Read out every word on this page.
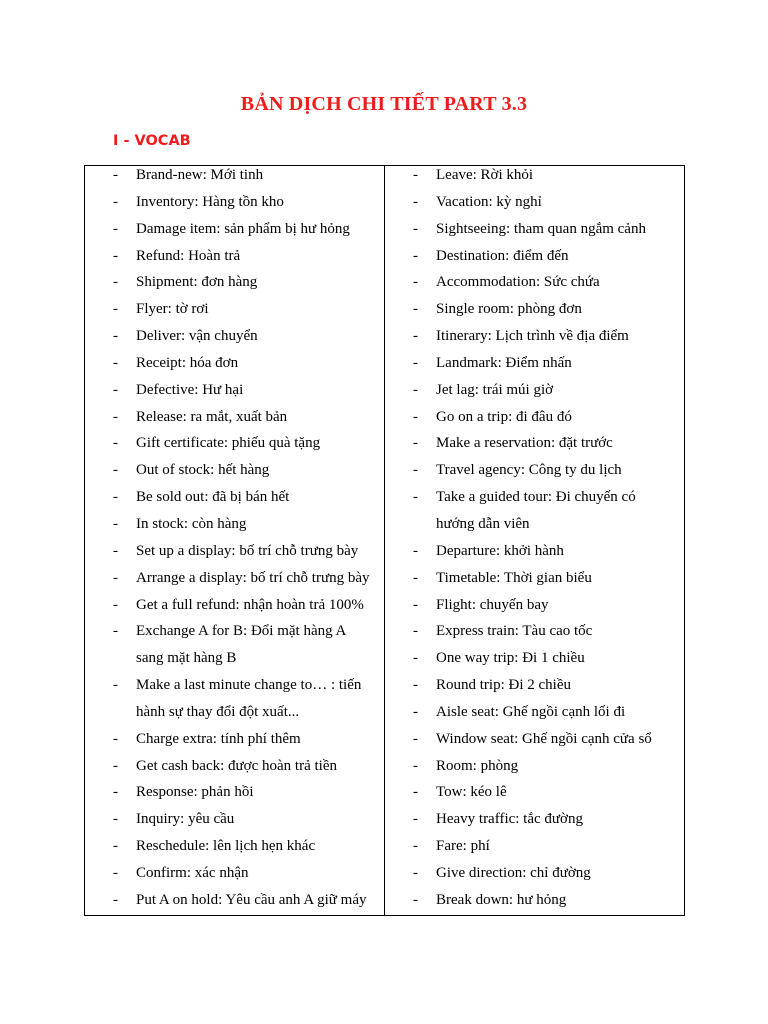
BẢN DỊCH CHI TIẾT PART 3.3
I - VOCAB
- Brand-new: Mới tinh
- Inventory: Hàng tồn kho
- Damage item: sản phẩm bị hư hỏng
- Refund: Hoàn trả
- Shipment: đơn hàng
- Flyer: tờ rơi
- Deliver: vận chuyển
- Receipt: hóa đơn
- Defective: Hư hại
- Release: ra mắt, xuất bản
- Gift certificate: phiếu quà tặng
- Out of stock: hết hàng
- Be sold out: đã bị bán hết
- In stock: còn hàng
- Set up a display: bố trí chỗ trưng bày
- Arrange a display: bố trí chỗ trưng bày
- Get a full refund: nhận hoàn trả 100%
- Exchange A for B: Đổi mặt hàng A
sang mặt hàng B
- Make a last minute change to… : tiến
hành sự thay đổi đột xuất...
- Charge extra: tính phí thêm
- Get cash back: được hoàn trả tiền
- Response: phản hồi
- Inquiry: yêu cầu
- Reschedule: lên lịch hẹn khác
- Confirm: xác nhận
- Put A on hold: Yêu cầu anh A giữ máy
- Leave: Rời khỏi
- Vacation: kỳ nghỉ
- Sightseeing: tham quan ngắm cảnh
- Destination: điểm đến
- Accommodation: Sức chứa
- Single room: phòng đơn
- Itinerary: Lịch trình về địa điểm
- Landmark: Điểm nhấn
- Jet lag: trái múi giờ
- Go on a trip: đi đâu đó
- Make a reservation: đặt trước
- Travel agency: Công ty du lịch
- Take a guided tour: Đi chuyến có
hướng dẫn viên
- Departure: khởi hành
- Timetable: Thời gian biểu
- Flight: chuyến bay
- Express train: Tàu cao tốc
- One way trip: Đi 1 chiều
- Round trip: Đi 2 chiều
- Aisle seat: Ghế ngồi cạnh lối đi
- Window seat: Ghế ngồi cạnh cửa sổ
- Room: phòng
- Tow: kéo lê
- Heavy traffic: tắc đường
- Fare: phí
- Give direction: chỉ đường
- Break down: hư hỏng
